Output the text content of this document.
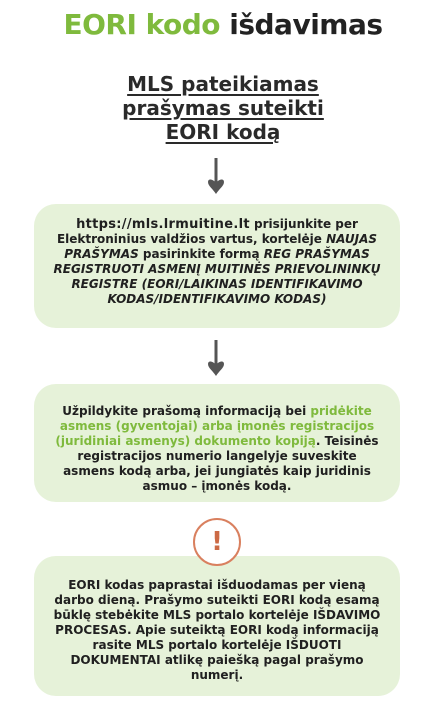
EORI kodo išdavimas
MLS pateikiamas
prašymas suteikti
EORI kodą
https://mls.lrmuitine.lt prisijunkite per Elektroninius valdžios vartus, kortelėje NAUJAS PRAŠYMAS pasirinkite formą REG PRAŠYMAS REGISTRUOTI ASMENĮ MUITINĖS PRIEVOLININKŲ REGISTRE (EORI/LAIKINAS IDENTIFIKAVIMO KODAS/IDENTIFIKAVIMO KODAS)
Užpildykite prašomą informaciją bei pridėkite asmens (gyventojai) arba įmonės registracijos (juridiniai asmenys) dokumento kopiją. Teisinės registracijos numerio langelyje suveskite asmens kodą arba, jei jungiatės kaip juridinis asmuo – įmonės kodą.
EORI kodas paprastai išduodamas per vieną darbo dieną. Prašymo suteikti EORI kodą esamą būklę stebėkite MLS portalo kortelėje IŠDAVIMO PROCESAS. Apie suteiktą EORI kodą informaciją rasite MLS portalo kortelėje IŠDUOTI DOKUMENTAI atlikę paiešką pagal prašymo numerį.
!
